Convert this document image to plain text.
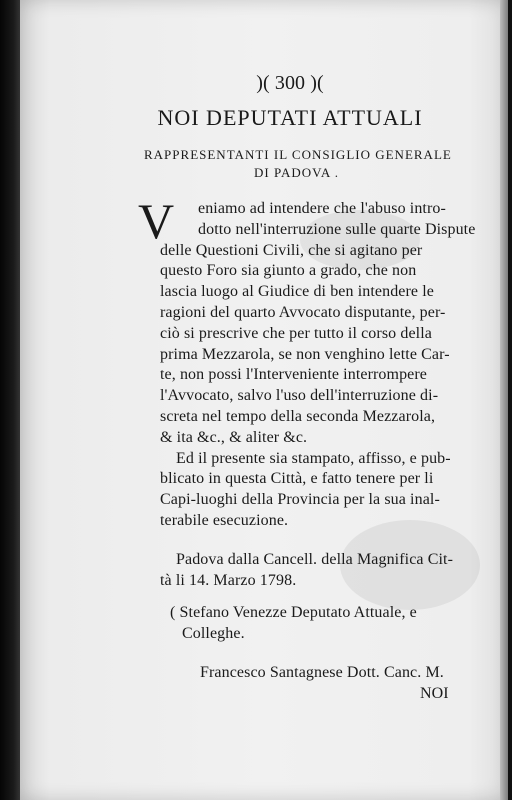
)( 300 )(
NOI DEPUTATI ATTUALI
RAPPRESENTANTI IL CONSIGLIO GENERALE
DI PADOVA .
V eniamo ad intendere che l'abuso intro-
dotto nell'interruzione sulle quarte Dispute
delle Questioni Civili, che si agitano per
questo Foro sia giunto a grado, che non
lascia luogo al Giudice di ben intendere le
ragioni del quarto Avvocato disputante, per-
ciò si prescrive che per tutto il corso della
prima Mezzarola, se non venghino lette Car-
te, non possi l'Interveniente interrompere
l'Avvocato, salvo l'uso dell'interruzione di-
screta nel tempo della seconda Mezzarola,
& ita &c., & aliter &c.
Ed il presente sia stampato, affisso, e pub-
blicato in questa Città, e fatto tenere per li
Capi-luoghi della Provincia per la sua inal-
terabile esecuzione.
Padova dalla Cancell. della Magnifica Cit-
tà li 14. Marzo 1798.
( Stefano Venezze Deputato Attuale, e
Colleghe.
Francesco Santagnese Dott. Canc. M.
NOI
